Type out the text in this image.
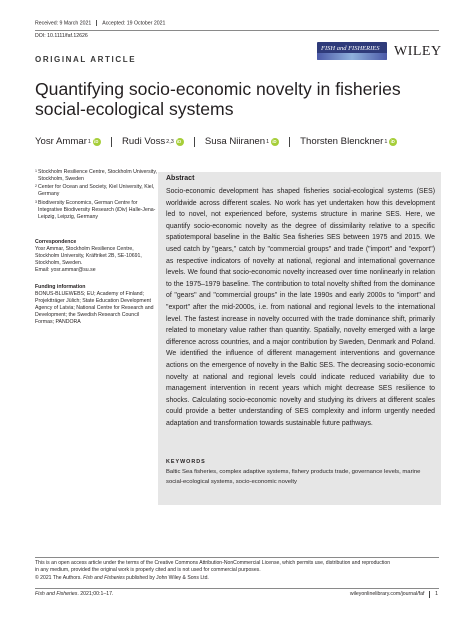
Received: 9 March 2021 Accepted: 19 October 2021
DOI: 10.1111/faf.12626
ORIGINAL ARTICLE
FISH and FISHERIES WILEY
Quantifying socio-economic novelty in fisheries social-ecological systems
Yosr Ammar 1 iD	Rudi Voss 2,3 iD	Susa Niiranen 1 iD	Thorsten Blenckner 1
iD
1 Stockholm Resilience Centre, Stockholm University, Stockholm, Sweden
2 Center for Ocean and Society, Kiel University, Kiel, Germany
3 Biodiversity Economics, German Centre for Integrative Biodiversity Research (iDiv) Halle-Jena-Leipzig, Leipzig, Germany
Correspondence
Yosr Ammar, Stockholm Resilience Centre, Stockholm University, Kräftriket 2B, SE-10691, Stockholm, Sweden.
Email: yosr.ammar@su.se
Funding information
BONUS-BLUEWEBS; EU; Academy of Finland; Projektträger Jülich; State Education Development Agency of Latvia; National Centre for Research and Development; the Swedish Research Council Formas; PANDORA
Abstract
Socio-economic development has shaped fisheries social-ecological systems (SES) worldwide across different scales. No work has yet undertaken how this development led to novel, not experienced before, systems structure in marine SES. Here, we quantify socio-economic novelty as the degree of dissimilarity relative to a specific spatiotemporal baseline in the Baltic Sea fisheries SES between 1975 and 2015. We used catch by "gears," catch by "commercial groups" and trade ("import" and "export") as respective indicators of novelty at national, regional and international governance levels. We found that socio-economic novelty increased over time nonlinearly in relation to the 1975–1979 baseline. The contribution to total novelty shifted from the dominance of "gears" and "commercial groups" in the late 1990s and early 2000s to "import" and "export" after the mid-2000s, i.e. from national and regional levels to the international level. The fastest increase in novelty occurred with the trade dominance shift, primarily related to monetary value rather than quantity. Spatially, novelty emerged with a large difference across countries, and a major contribution by Sweden, Denmark and Poland. We identified the influence of different management interventions and governance actions on the emergence of novelty in the Baltic SES. The decreasing socio-economic novelty at national and regional levels could indicate reduced variability due to management intervention in recent years which might decrease SES resilience to shocks. Calculating socio-economic novelty and studying its drivers at different scales could provide a better understanding of SES complexity and inform urgently needed adaptation and transformation towards sustainable future pathways.
KEYWORDS
Baltic Sea fisheries, complex adaptive systems, fishery products trade, governance levels, marine social-ecological systems, socio-economic novelty
This is an open access article under the terms of the Creative Commons Attribution-NonCommercial License, which permits use, distribution and reproduction
in any medium, provided the original work is properly cited and is not used for commercial purposes.
© 2021 The Authors. Fish and Fisheries published by John Wiley & Sons Ltd.
Fish and Fisheries. 2021;00:1–17.	wileyonlinelibrary.com/journal/faf 1
